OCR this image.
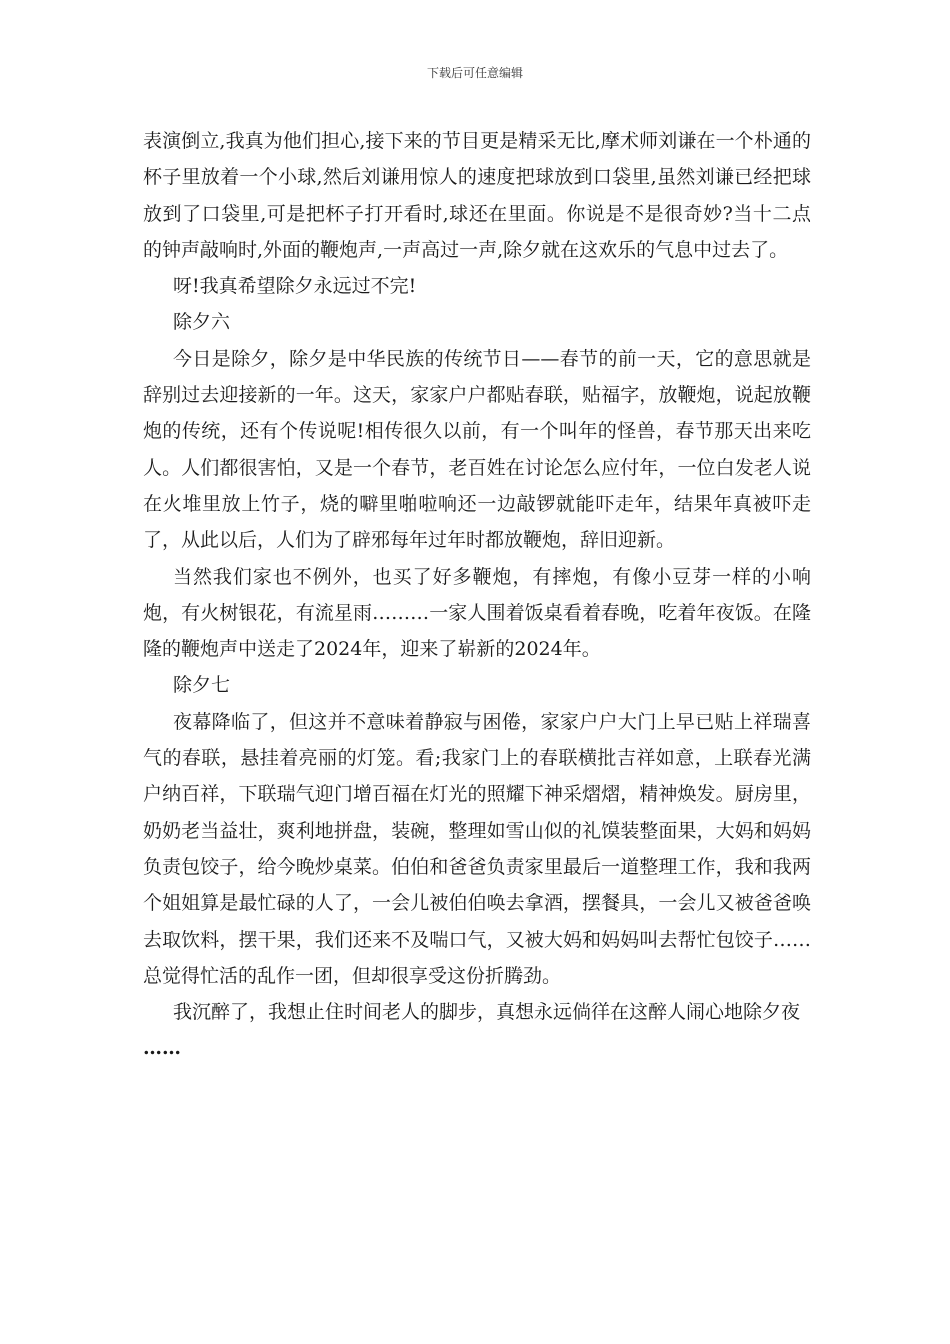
下载后可任意编辑

表演倒立,我真为他们担心,接下来的节目更是精采无比,摩术师刘谦在一个朴通的杯子里放着一个小球,然后刘谦用惊人的速度把球放到口袋里,虽然刘谦已经把球放到了口袋里,可是把杯子打开看时,球还在里面。你说是不是很奇妙?当十二点的钟声敲响时,外面的鞭炮声,一声高过一声,除夕就在这欢乐的气息中过去了。

呀!我真希望除夕永远过不完!

除夕六

今日是除夕，除夕是中华民族的传统节日——春节的前一天，它的意思就是辞别过去迎接新的一年。这天，家家户户都贴春联，贴福字，放鞭炮，说起放鞭炮的传统，还有个传说呢!相传很久以前，有一个叫年的怪兽，春节那天出来吃人。人们都很害怕，又是一个春节，老百姓在讨论怎么应付年，一位白发老人说在火堆里放上竹子，烧的噼里啪啦响还一边敲锣就能吓走年，结果年真被吓走了，从此以后，人们为了辟邪每年过年时都放鞭炮，辞旧迎新。

当然我们家也不例外，也买了好多鞭炮，有摔炮，有像小豆芽一样的小响炮，有火树银花，有流星雨………一家人围着饭桌看着春晚，吃着年夜饭。在隆隆的鞭炮声中送走了2024年，迎来了崭新的2024年。

除夕七

夜幕降临了，但这并不意味着静寂与困倦，家家户户大门上早已贴上祥瑞喜气的春联，悬挂着亮丽的灯笼。看;我家门上的春联横批吉祥如意，上联春光满户纳百祥，下联瑞气迎门增百福在灯光的照耀下神采熠熠，精神焕发。厨房里，奶奶老当益壮，爽利地拼盘，装碗，整理如雪山似的礼馍装整面果，大妈和妈妈负责包饺子，给今晚炒桌菜。伯伯和爸爸负责家里最后一道整理工作，我和我两个姐姐算是最忙碌的人了，一会儿被伯伯唤去拿酒，摆餐具，一会儿又被爸爸唤去取饮料，摆干果，我们还来不及喘口气，又被大妈和妈妈叫去帮忙包饺子……总觉得忙活的乱作一团，但却很享受这份折腾劲。

我沉醉了，我想止住时间老人的脚步，真想永远倘徉在这醉人闹心地除夕夜

……
